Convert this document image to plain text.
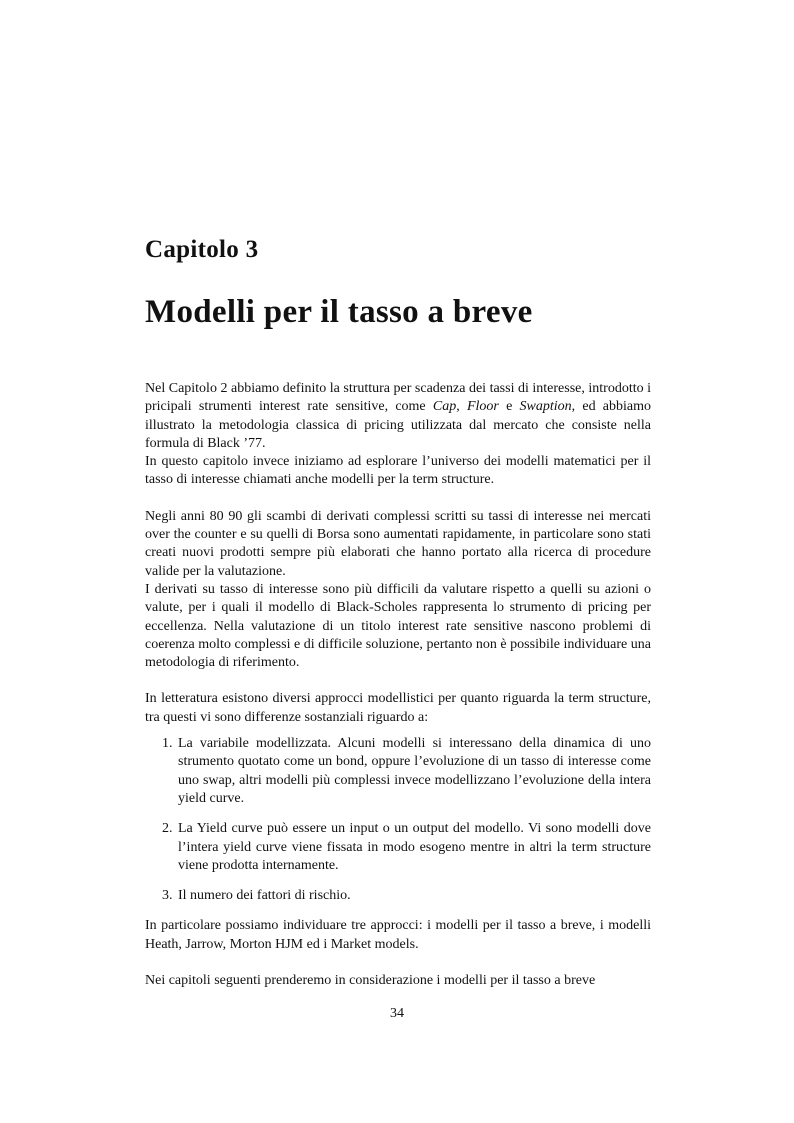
Capitolo 3
Modelli per il tasso a breve

Nel Capitolo 2 abbiamo definito la struttura per scadenza dei tassi di interesse, introdotto i pricipali strumenti interest rate sensitive, come Cap, Floor e Swaption, ed abbiamo illustrato la metodologia classica di pricing utilizzata dal mercato che consiste nella formula di Black ’77.

In questo capitolo invece iniziamo ad esplorare l’universo dei modelli matematici per il tasso di interesse chiamati anche modelli per la term structure.

Negli anni 80 90 gli scambi di derivati complessi scritti su tassi di interesse nei mercati over the counter e su quelli di Borsa sono aumentati rapidamente, in particolare sono stati creati nuovi prodotti sempre più elaborati che hanno portato alla ricerca di procedure valide per la valutazione.

I derivati su tasso di interesse sono più difficili da valutare rispetto a quelli su azioni o valute, per i quali il modello di Black-Scholes rappresenta lo strumento di pricing per eccellenza. Nella valutazione di un titolo interest rate sensitive nascono problemi di coerenza molto complessi e di difficile soluzione, pertanto non è possibile individuare una metodologia di riferimento.

In letteratura esistono diversi approcci modellistici per quanto riguarda la term structure, tra questi vi sono differenze sostanziali riguardo a:

1. La variabile modellizzata. Alcuni modelli si interessano della dinamica di uno strumento quotato come un bond, oppure l’evoluzione di un tasso di interesse come uno swap, altri modelli più complessi invece modellizzano l’evoluzione della intera yield curve.
2. La Yield curve può essere un input o un output del modello. Vi sono modelli dove l’intera yield curve viene fissata in modo esogeno mentre in altri la term structure viene prodotta internamente.
3. Il numero dei fattori di rischio.

In particolare possiamo individuare tre approcci: i modelli per il tasso a breve, i modelli Heath, Jarrow, Morton HJM ed i Market models.

Nei capitoli seguenti prenderemo in considerazione i modelli per il tasso a breve

34
